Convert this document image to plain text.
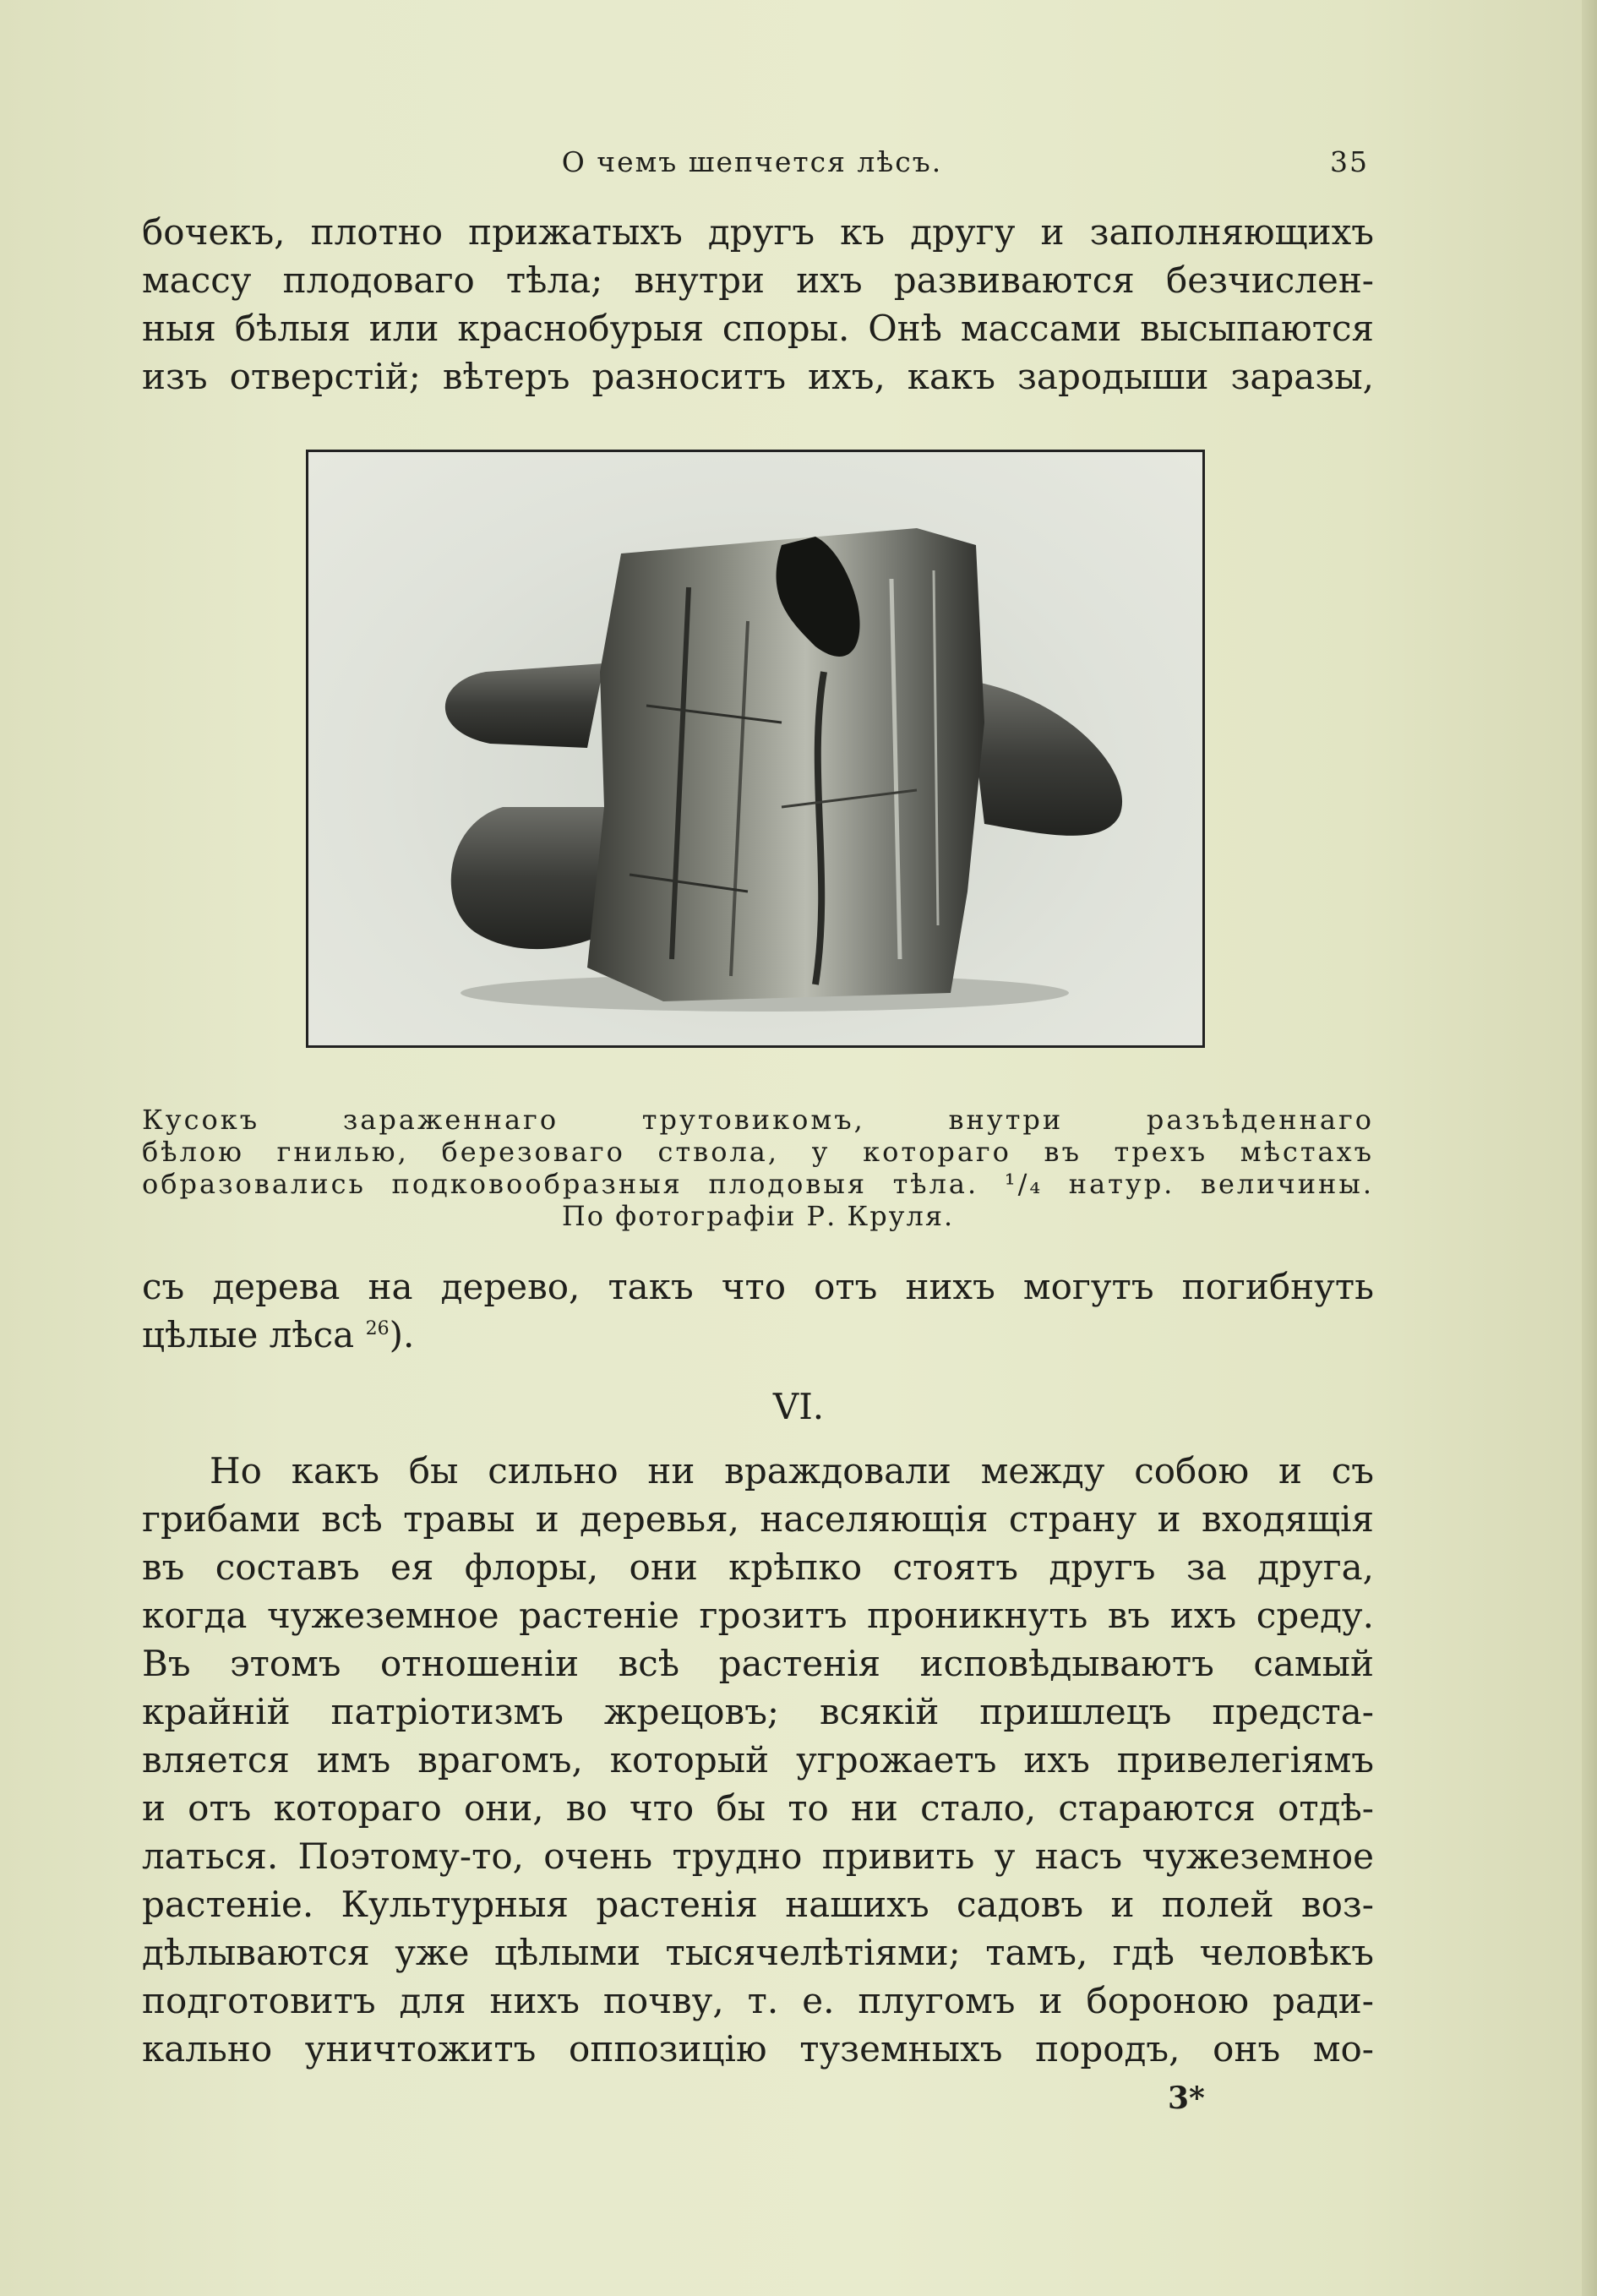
О чемъ шепчется лѣсъ.	35
бочекъ, плотно прижатыхъ другъ къ другу и заполняющихъ
массу плодоваго тѣла; внутри ихъ развиваются безчислен-
ныя бѣлыя или краснобурыя споры. Онѣ массами высыпаются
изъ отверстій; вѣтеръ разноситъ ихъ, какъ зародыши заразы,
Кусокъ зараженнаго трутовикомъ, внутри разъѣденнаго
бѣлою гнилью, березоваго ствола, у котораго въ трехъ мѣстахъ
образовались подковообразныя плодовыя тѣла. ¹/₄ натур. величины.
По фотографіи Р. Круля.
съ дерева на дерево, такъ что отъ нихъ могутъ погибнуть
цѣлые лѣса $^{26}$).
VI.
Но какъ бы сильно ни враждовали между собою и съ
грибами всѣ травы и деревья, населяющія страну и входящія
въ составъ ея флоры, они крѣпко стоятъ другъ за друга,
когда чужеземное растеніе грозитъ проникнуть въ ихъ среду.
Въ этомъ отношеніи всѣ растенія исповѣдываютъ самый
крайній патріотизмъ жрецовъ; всякій пришлецъ предста-
вляется имъ врагомъ, который угрожаетъ ихъ привелегіямъ
и отъ котораго они, во что бы то ни стало, стараются отдѣ-
латься. Поэтому-то, очень трудно привить у насъ чужеземное
растеніе. Культурныя растенія нашихъ садовъ и полей воз-
дѣлываются уже цѣлыми тысячелѣтіями; тамъ, гдѣ человѣкъ
подготовитъ для нихъ почву, т. е. плугомъ и бороною ради-
кально уничтожитъ оппозицію туземныхъ породъ, онъ мо-
3*
